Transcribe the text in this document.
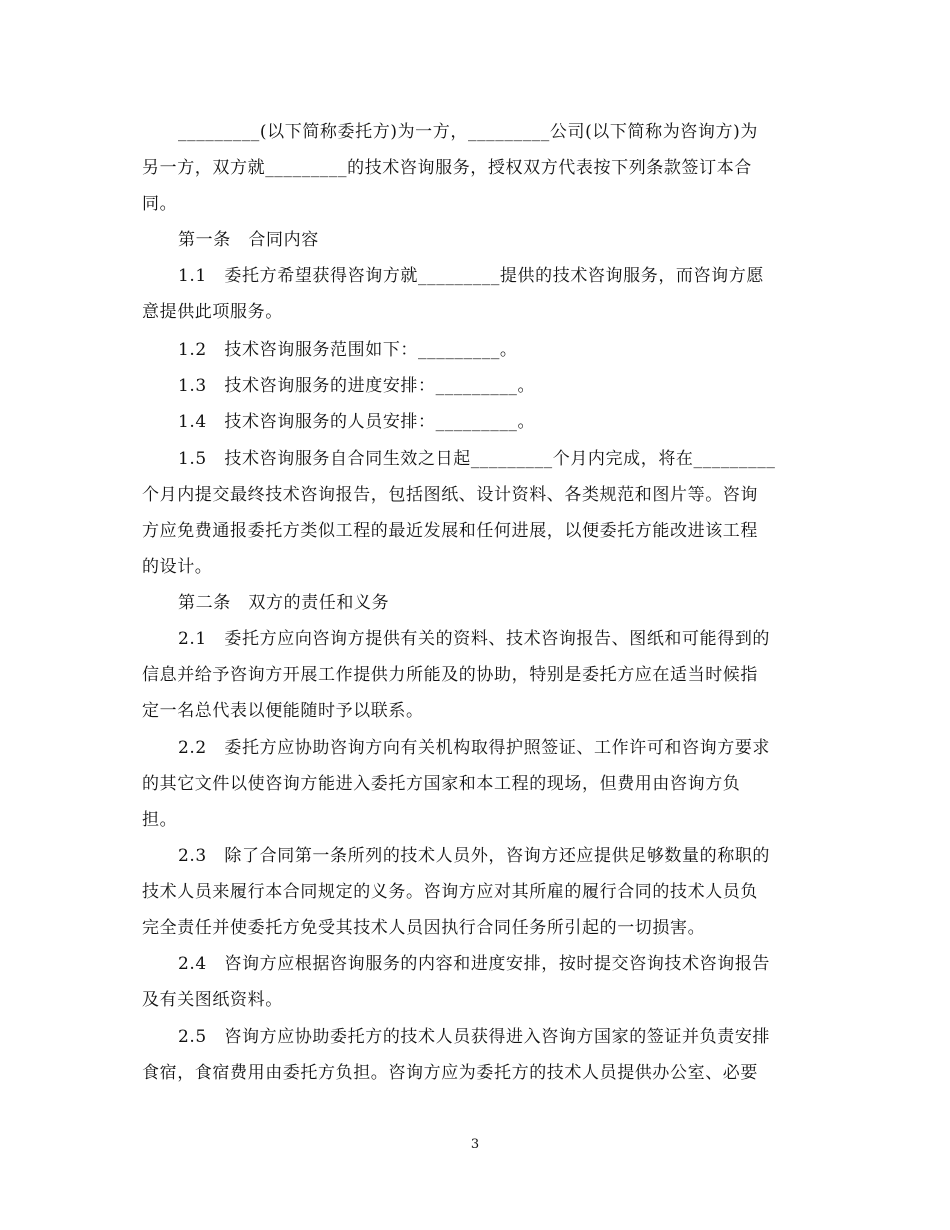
_________(以下简称委托方)为一方，_________公司(以下简称为咨询方)为
另一方，双方就_________的技术咨询服务，授权双方代表按下列条款签订本合
同。
第一条　合同内容
1.1　委托方希望获得咨询方就_________提供的技术咨询服务，而咨询方愿
意提供此项服务。
1.2　技术咨询服务范围如下：_________。
1.3　技术咨询服务的进度安排：_________。
1.4　技术咨询服务的人员安排：_________。
1.5　技术咨询服务自合同生效之日起_________个月内完成，将在_________
个月内提交最终技术咨询报告，包括图纸、设计资料、各类规范和图片等。咨询
方应免费通报委托方类似工程的最近发展和任何进展，以便委托方能改进该工程
的设计。
第二条　双方的责任和义务
2.1　委托方应向咨询方提供有关的资料、技术咨询报告、图纸和可能得到的
信息并给予咨询方开展工作提供力所能及的协助，特别是委托方应在适当时候指
定一名总代表以便能随时予以联系。
2.2　委托方应协助咨询方向有关机构取得护照签证、工作许可和咨询方要求
的其它文件以使咨询方能进入委托方国家和本工程的现场，但费用由咨询方负
担。
2.3　除了合同第一条所列的技术人员外，咨询方还应提供足够数量的称职的
技术人员来履行本合同规定的义务。咨询方应对其所雇的履行合同的技术人员负
完全责任并使委托方免受其技术人员因执行合同任务所引起的一切损害。
2.4　咨询方应根据咨询服务的内容和进度安排，按时提交咨询技术咨询报告
及有关图纸资料。
2.5　咨询方应协助委托方的技术人员获得进入咨询方国家的签证并负责安排
食宿，食宿费用由委托方负担。咨询方应为委托方的技术人员提供办公室、必要
3
